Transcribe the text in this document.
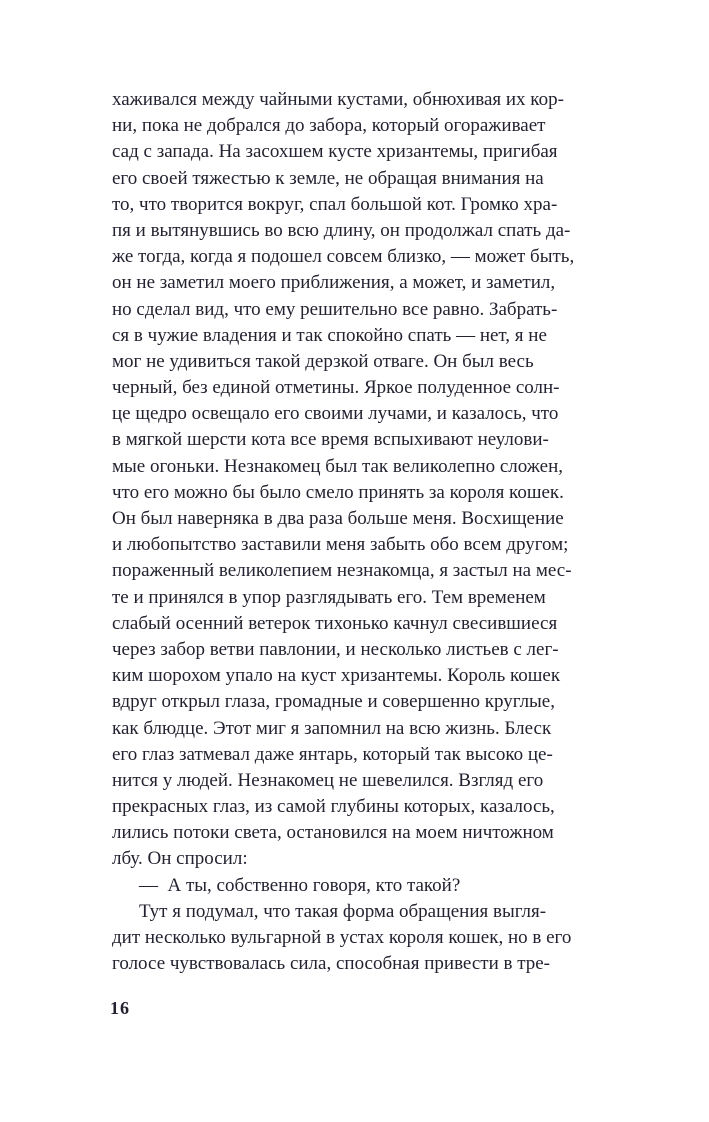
хаживался между чайными кустами, обнюхивая их кор-
ни, пока не добрался до забора, который огораживает
сад с запада. На засохшем кусте хризантемы, пригибая
его своей тяжестью к земле, не обращая внимания на
то, что творится вокруг, спал большой кот. Громко хра-
пя и вытянувшись во всю длину, он продолжал спать да-
же тогда, когда я подошел совсем близко, — может быть,
он не заметил моего приближения, а может, и заметил,
но сделал вид, что ему решительно все равно. Забрать-
ся в чужие владения и так спокойно спать — нет, я не
мог не удивиться такой дерзкой отваге. Он был весь
черный, без единой отметины. Яркое полуденное солн-
це щедро освещало его своими лучами, и казалось, что
в мягкой шерсти кота все время вспыхивают неулови-
мые огоньки. Незнакомец был так великолепно сложен,
что его можно бы было смело принять за короля кошек.
Он был наверняка в два раза больше меня. Восхищение
и любопытство заставили меня забыть обо всем другом;
пораженный великолепием незнакомца, я застыл на мес-
те и принялся в упор разглядывать его. Тем временем
слабый осенний ветерок тихонько качнул свесившиеся
через забор ветви павлонии, и несколько листьев с лег-
ким шорохом упало на куст хризантемы. Король кошек
вдруг открыл глаза, громадные и совершенно круглые,
как блюдце. Этот миг я запомнил на всю жизнь. Блеск
его глаз затмевал даже янтарь, который так высоко це-
нится у людей. Незнакомец не шевелился. Взгляд его
прекрасных глаз, из самой глубины которых, казалось,
лились потоки света, остановился на моем ничтожном
лбу. Он спросил:
—  А ты, собственно говоря, кто такой?
Тут я подумал, что такая форма обращения выгля-
дит несколько вульгарной в устах короля кошек, но в его
голосе чувствовалась сила, способная привести в тре-
16
